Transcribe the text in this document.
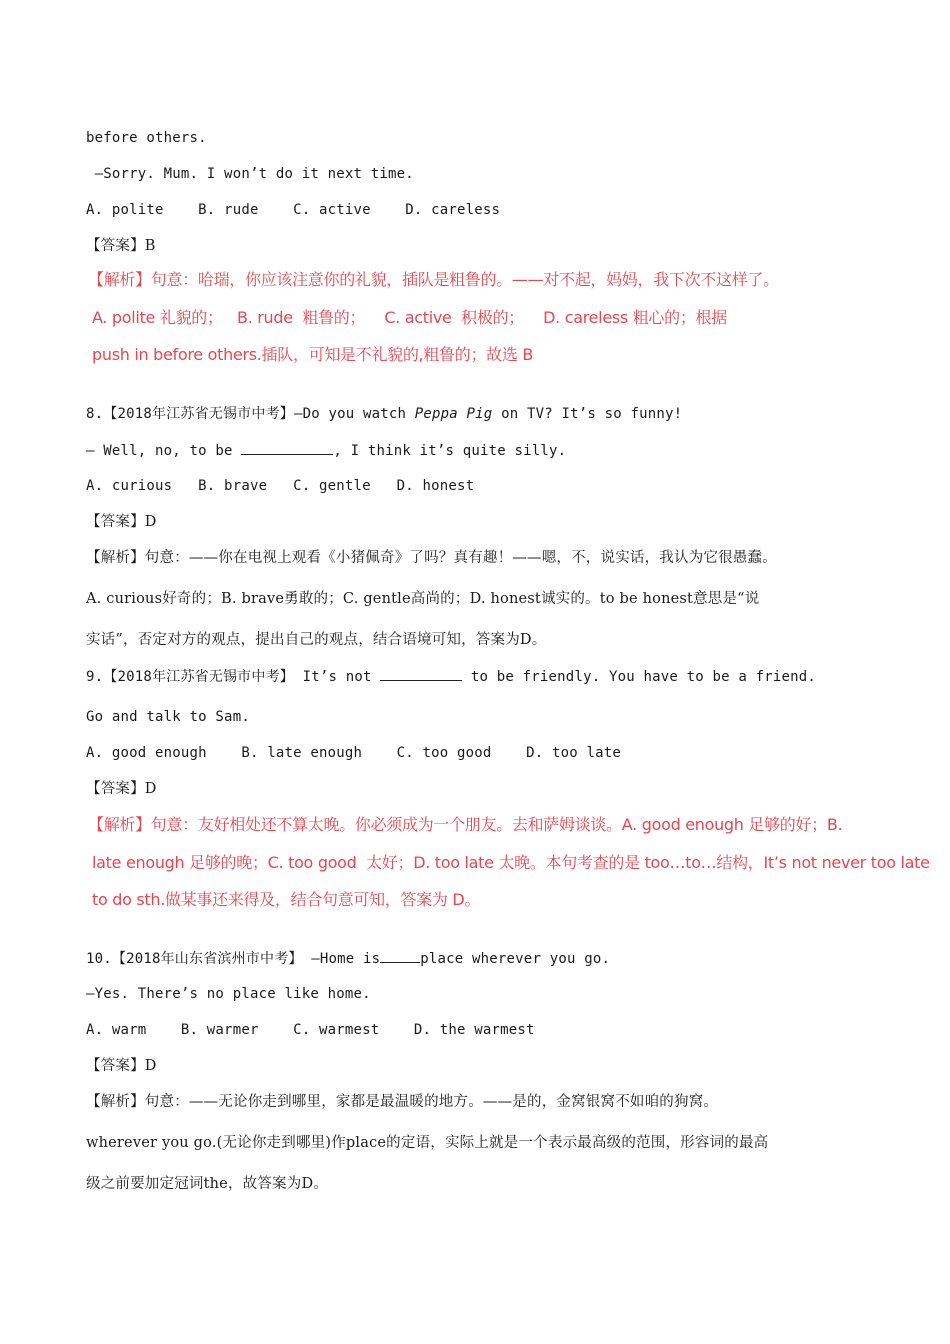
before others.
—Sorry. Mum. I won’t do it next time.
A. polite    B. rude    C. active    D. careless
【答案】B
【解析】句意：哈瑞，你应该注意你的礼貌，插队是粗鲁的。——对不起，妈妈，我下次不这样了。
A. polite 礼貌的；   B. rude  粗鲁的；    C. active  积极的；    D. careless 粗心的；根据
push in before others.插队，可知是不礼貌的,粗鲁的；故选 B
8.【2018年江苏省无锡市中考】—Do you watch Peppa Pig on TV? It’s so funny!
— Well, no, to be	, I think it’s quite silly.
A. curious   B. brave   C. gentle   D. honest
【答案】D
【解析】句意：——你在电视上观看《小猪佩奇》了吗？真有趣！——嗯，不，说实话，我认为它很愚蠢。
A. curious好奇的；B. brave勇敢的；C. gentle高尚的；D. honest诚实的。to be honest意思是“说
实话”，否定对方的观点，提出自己的观点，结合语境可知，答案为D。
9.【2018年江苏省无锡市中考】 It’s not	to be friendly. You have to be a friend.
Go and talk to Sam.
A. good enough    B. late enough    C. too good    D. too late
【答案】D
【解析】句意：友好相处还不算太晚。你必须成为一个朋友。去和萨姆谈谈。A. good enough 足够的好；B.
late enough 足够的晚；C. too good  太好；D. too late 太晚。本句考查的是 too…to…结构，It’s not never too late
to do sth.做某事还来得及，结合句意可知，答案为 D。
10.【2018年山东省滨州市中考】 —Home is	place wherever you go.
—Yes. There’s no place like home.
A. warm    B. warmer    C. warmest    D. the warmest
【答案】D
【解析】句意：——无论你走到哪里，家都是最温暖的地方。——是的，金窝银窝不如咱的狗窝。
wherever you go.(无论你走到哪里)作place的定语，实际上就是一个表示最高级的范围，形容词的最高
级之前要加定冠词the，故答案为D。
